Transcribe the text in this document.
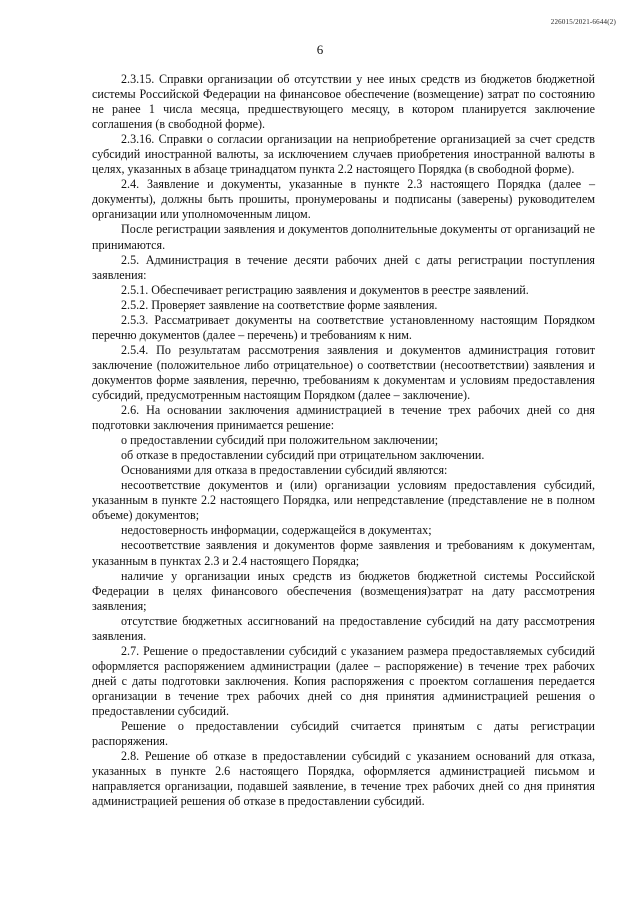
226015/2021-6644(2)
6

2.3.15. Справки организации об отсутствии у нее иных средств из бюджетов бюджетной системы Российской Федерации на финансовое обеспечение (возмещение) затрат по состоянию не ранее 1 числа месяца, предшествующего месяцу, в котором планируется заключение соглашения (в свободной форме).

2.3.16. Справки о согласии организации на неприобретение организацией за счет средств субсидий иностранной валюты, за исключением случаев приобретения иностранной валюты в целях, указанных в абзаце тринадцатом пункта 2.2 настоящего Порядка (в свободной форме).

2.4. Заявление и документы, указанные в пункте 2.3 настоящего Порядка (далее – документы), должны быть прошиты, пронумерованы и подписаны (заверены) руководителем организации или уполномоченным лицом.

После регистрации заявления и документов дополнительные документы от организаций не принимаются.

2.5. Администрация в течение десяти рабочих дней с даты регистрации поступления заявления:

2.5.1. Обеспечивает регистрацию заявления и документов в реестре заявлений.

2.5.2. Проверяет заявление на соответствие форме заявления.

2.5.3. Рассматривает документы на соответствие установленному настоящим Порядком перечню документов (далее – перечень) и требованиям к ним.

2.5.4. По результатам рассмотрения заявления и документов администрация готовит заключение (положительное либо отрицательное) о соответствии (несоответствии) заявления и документов форме заявления, перечню, требованиям к документам и условиям предоставления субсидий, предусмотренным настоящим Порядком (далее – заключение).

2.6. На основании заключения администрацией в течение трех рабочих дней со дня подготовки заключения принимается решение:

о предоставлении субсидий при положительном заключении;

об отказе в предоставлении субсидий при отрицательном заключении.

Основаниями для отказа в предоставлении субсидий являются:

несоответствие документов и (или) организации условиям предоставления субсидий, указанным в пункте 2.2 настоящего Порядка, или непредставление (представление не в полном объеме) документов;

недостоверность информации, содержащейся в документах;

несоответствие заявления и документов форме заявления и требованиям к документам, указанным в пунктах 2.3 и 2.4 настоящего Порядка;

наличие у организации иных средств из бюджетов бюджетной системы Российской Федерации в целях финансового обеспечения (возмещения)затрат на дату рассмотрения заявления;

отсутствие бюджетных ассигнований на предоставление субсидий на дату рассмотрения заявления.

2.7. Решение о предоставлении субсидий с указанием размера предоставляемых субсидий оформляется распоряжением администрации (далее – распоряжение) в течение трех рабочих дней с даты подготовки заключения. Копия распоряжения с проектом соглашения передается организации в течение трех рабочих дней со дня принятия администрацией решения о предоставлении субсидий.

Решение о предоставлении субсидий считается принятым с даты регистрации распоряжения.

2.8. Решение об отказе в предоставлении субсидий с указанием оснований для отказа, указанных в пункте 2.6 настоящего Порядка, оформляется администрацией письмом и направляется организации, подавшей заявление, в течение трех рабочих дней со дня принятия администрацией решения об отказе в предоставлении субсидий.
